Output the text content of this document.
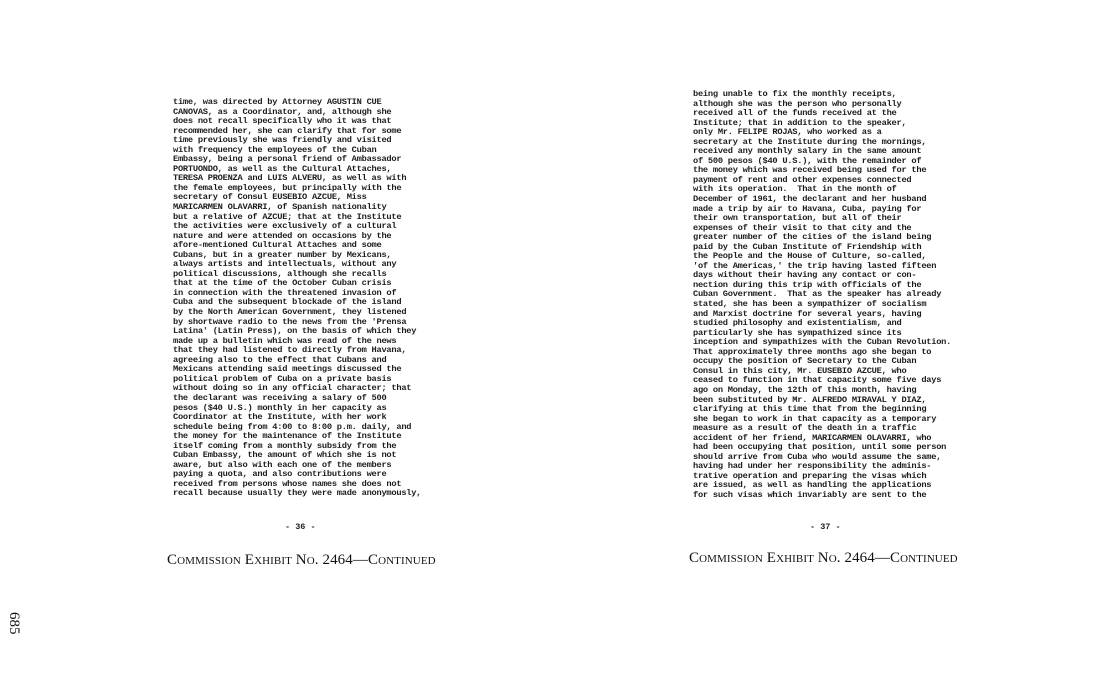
time, was directed by Attorney AGUSTIN CUE
CANOVAS, as a Coordinator, and, although she
does not recall specifically who it was that
recommended her, she can clarify that for some
time previously she was friendly and visited
with frequency the employees of the Cuban
Embassy, being a personal friend of Ambassador
PORTUONDO, as well as the Cultural Attaches,
TERESA PROENZA and LUIS ALVERU, as well as with
the female employees, but principally with the
secretary of Consul EUSEBIO AZCUE, Miss
MARICARMEN OLAVARRI, of Spanish nationality
but a relative of AZCUE; that at the Institute
the activities were exclusively of a cultural
nature and were attended on occasions by the
afore-mentioned Cultural Attaches and some
Cubans, but in a greater number by Mexicans,
always artists and intellectuals, without any
political discussions, although she recalls
that at the time of the October Cuban crisis
in connection with the threatened invasion of
Cuba and the subsequent blockade of the island
by the North American Government, they listened
by shortwave radio to the news from the 'Prensa
Latina' (Latin Press), on the basis of which they
made up a bulletin which was read of the news
that they had listened to directly from Havana,
agreeing also to the effect that Cubans and
Mexicans attending said meetings discussed the
political problem of Cuba on a private basis
without doing so in any official character; that
the declarant was receiving a salary of 500
pesos ($40 U.S.) monthly in her capacity as
Coordinator at the Institute, with her work
schedule being from 4:00 to 8:00 p.m. daily, and
the money for the maintenance of the Institute
itself coming from a monthly subsidy from the
Cuban Embassy, the amount of which she is not
aware, but also with each one of the members
paying a quota, and also contributions were
received from persons whose names she does not
recall because usually they were made anonymously,
- 36 -
Commission Exhibit No. 2464—Continued
being unable to fix the monthly receipts,
although she was the person who personally
received all of the funds received at the
Institute; that in addition to the speaker,
only Mr. FELIPE ROJAS, who worked as a
secretary at the Institute during the mornings,
received any monthly salary in the same amount
of 500 pesos ($40 U.S.), with the remainder of
the money which was received being used for the
payment of rent and other expenses connected
with its operation.  That in the month of
December of 1961, the declarant and her husband
made a trip by air to Havana, Cuba, paying for
their own transportation, but all of their
expenses of their visit to that city and the
greater number of the cities of the island being
paid by the Cuban Institute of Friendship with
the People and the House of Culture, so-called,
'of the Americas,' the trip having lasted fifteen
days without their having any contact or con-
nection during this trip with officials of the
Cuban Government.  That as the speaker has already
stated, she has been a sympathizer of socialism
and Marxist doctrine for several years, having
studied philosophy and existentialism, and
particularly she has sympathized since its
inception and sympathizes with the Cuban Revolution.
That approximately three months ago she began to
occupy the position of Secretary to the Cuban
Consul in this city, Mr. EUSEBIO AZCUE, who
ceased to function in that capacity some five days
ago on Monday, the 12th of this month, having
been substituted by Mr. ALFREDO MIRAVAL Y DIAZ,
clarifying at this time that from the beginning
she began to work in that capacity as a temporary
measure as a result of the death in a traffic
accident of her friend, MARICARMEN OLAVARRI, who
had been occupying that position, until some person
should arrive from Cuba who would assume the same,
having had under her responsibility the adminis-
trative operation and preparing the visas which
are issued, as well as handling the applications
for such visas which invariably are sent to the
- 37 -
Commission Exhibit No. 2464—Continued
685
